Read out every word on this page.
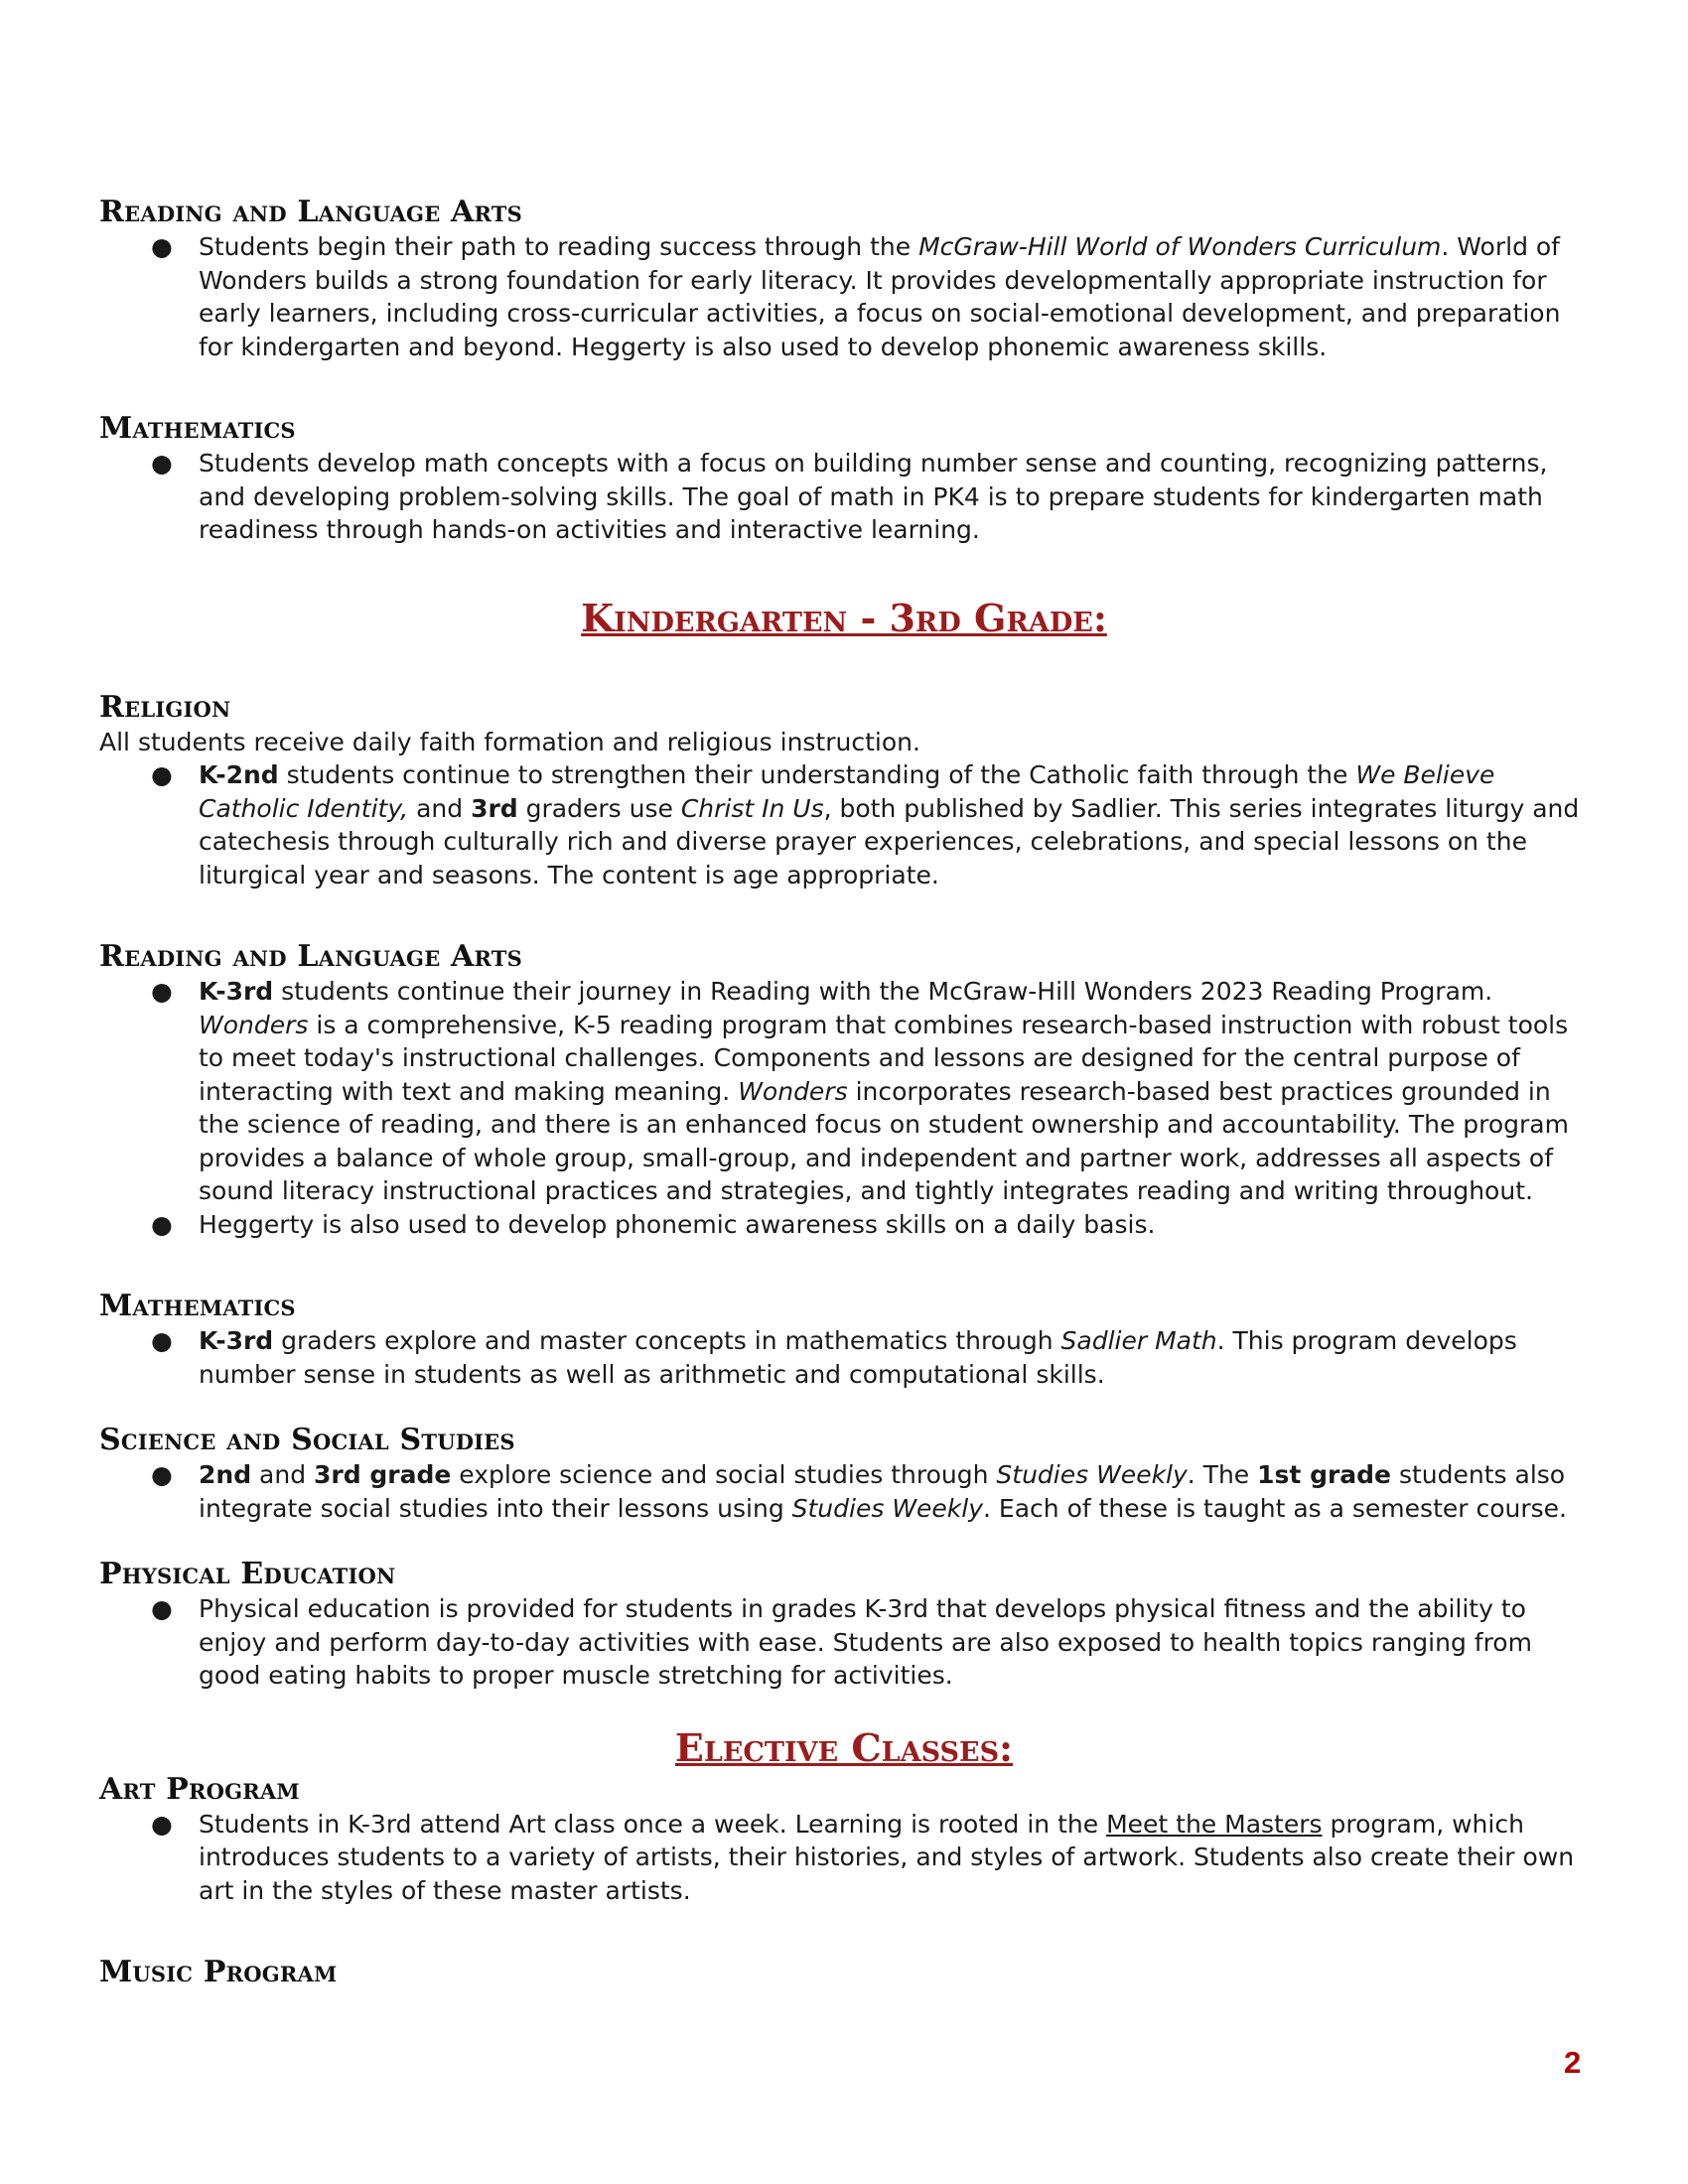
Reading and Language Arts
● Students begin their path to reading success through the McGraw-Hill World of Wonders Curriculum. World of Wonders builds a strong foundation for early literacy. It provides developmentally appropriate instruction for early learners, including cross-curricular activities, a focus on social-emotional development, and preparation for kindergarten and beyond. Heggerty is also used to develop phonemic awareness skills.
Mathematics
● Students develop math concepts with a focus on building number sense and counting, recognizing patterns, and developing problem-solving skills. The goal of math in PK4 is to prepare students for kindergarten math readiness through hands-on activities and interactive learning.
Kindergarten - 3rd Grade:
Religion

All students receive daily faith formation and religious instruction.

● K-2nd students continue to strengthen their understanding of the Catholic faith through the We Believe Catholic Identity, and 3rd graders use Christ In Us, both published by Sadlier. This series integrates liturgy and catechesis through culturally rich and diverse prayer experiences, celebrations, and special lessons on the liturgical year and seasons. The content is age appropriate.
Reading and Language Arts
● K-3rd students continue their journey in Reading with the McGraw-Hill Wonders 2023 Reading Program. Wonders is a comprehensive, K-5 reading program that combines research-based instruction with robust tools to meet today's instructional challenges. Components and lessons are designed for the central purpose of interacting with text and making meaning. Wonders incorporates research-based best practices grounded in the science of reading, and there is an enhanced focus on student ownership and accountability. The program provides a balance of whole group, small-group, and independent and partner work, addresses all aspects of sound literacy instructional practices and strategies, and tightly integrates reading and writing throughout.
● Heggerty is also used to develop phonemic awareness skills on a daily basis.
Mathematics
● K-3rd graders explore and master concepts in mathematics through Sadlier Math. This program develops number sense in students as well as arithmetic and computational skills.
Science and Social Studies
● 2nd and 3rd grade explore science and social studies through Studies Weekly. The 1st grade students also integrate social studies into their lessons using Studies Weekly. Each of these is taught as a semester course.
Physical Education
● Physical education is provided for students in grades K-3rd that develops physical fitness and the ability to enjoy and perform day-to-day activities with ease. Students are also exposed to health topics ranging from good eating habits to proper muscle stretching for activities.
Elective Classes:
Art Program
● Students in K-3rd attend Art class once a week. Learning is rooted in the Meet the Masters program, which introduces students to a variety of artists, their histories, and styles of artwork. Students also create their own art in the styles of these master artists.
Music Program
2
